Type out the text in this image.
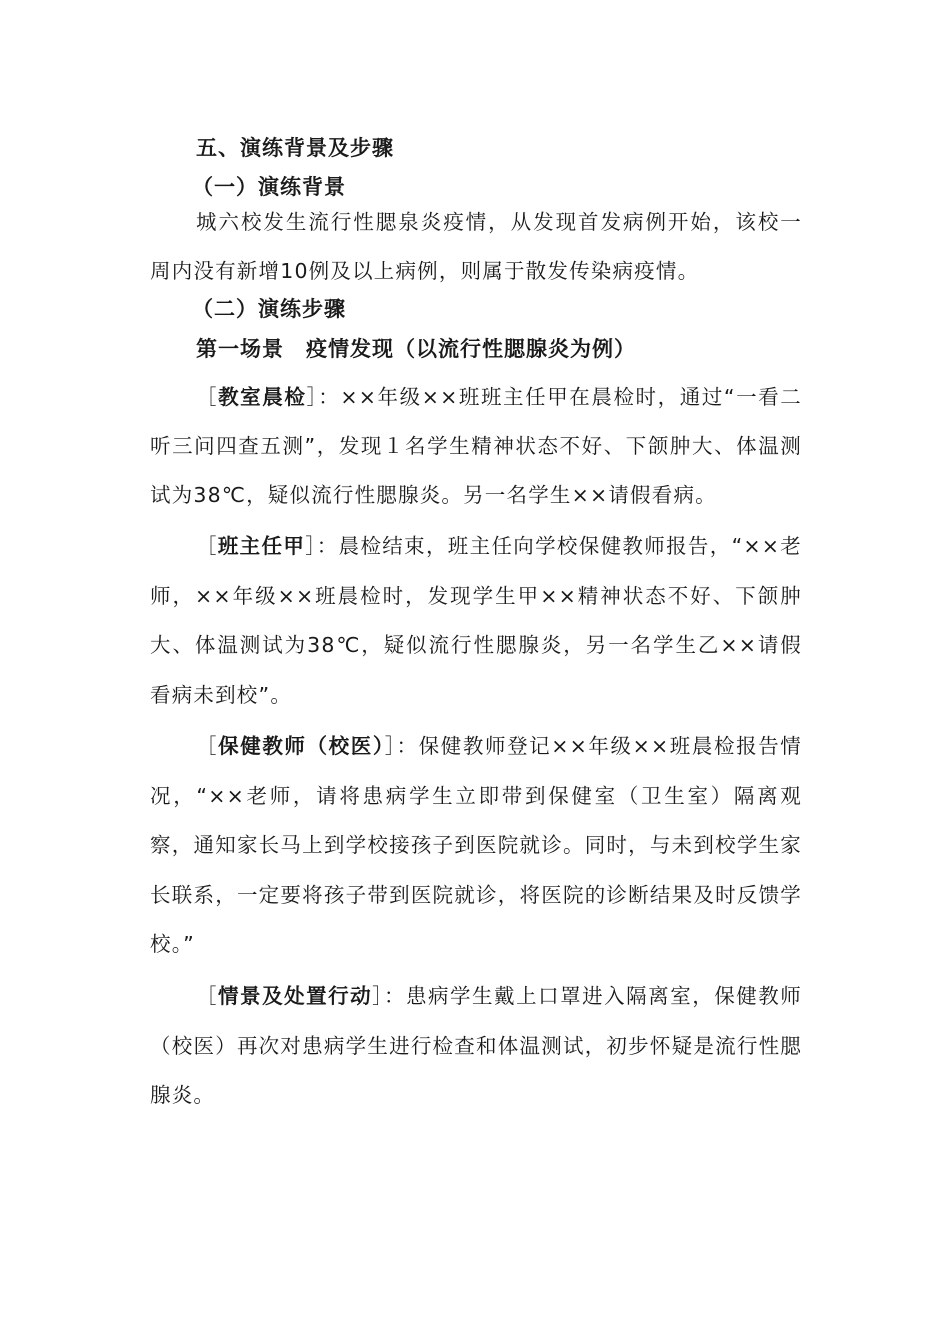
五、演练背景及步骤
（一）演练背景
城六校发生流行性腮泉炎疫情，从发现首发病例开始，该校一周内没有新增10例及以上病例，则属于散发传染病疫情。
（二）演练步骤
第一场景　疫情发现（以流行性腮腺炎为例）
［教室晨检］：××年级××班班主任甲在晨检时，通过“一看二听三问四查五测”，发现１名学生精神状态不好、下颌肿大、体温测试为38℃，疑似流行性腮腺炎。另一名学生××请假看病。
［班主任甲］：晨检结束，班主任向学校保健教师报告，“××老师，××年级××班晨检时，发现学生甲××精神状态不好、下颌肿大、体温测试为38℃，疑似流行性腮腺炎，另一名学生乙××请假看病未到校”。
［保健教师（校医）］：保健教师登记××年级××班晨检报告情况，“××老师，请将患病学生立即带到保健室（卫生室）隔离观察，通知家长马上到学校接孩子到医院就诊。同时，与未到校学生家长联系，一定要将孩子带到医院就诊，将医院的诊断结果及时反馈学校。”
［情景及处置行动］：患病学生戴上口罩进入隔离室，保健教师（校医）再次对患病学生进行检查和体温测试，初步怀疑是流行性腮腺炎。
